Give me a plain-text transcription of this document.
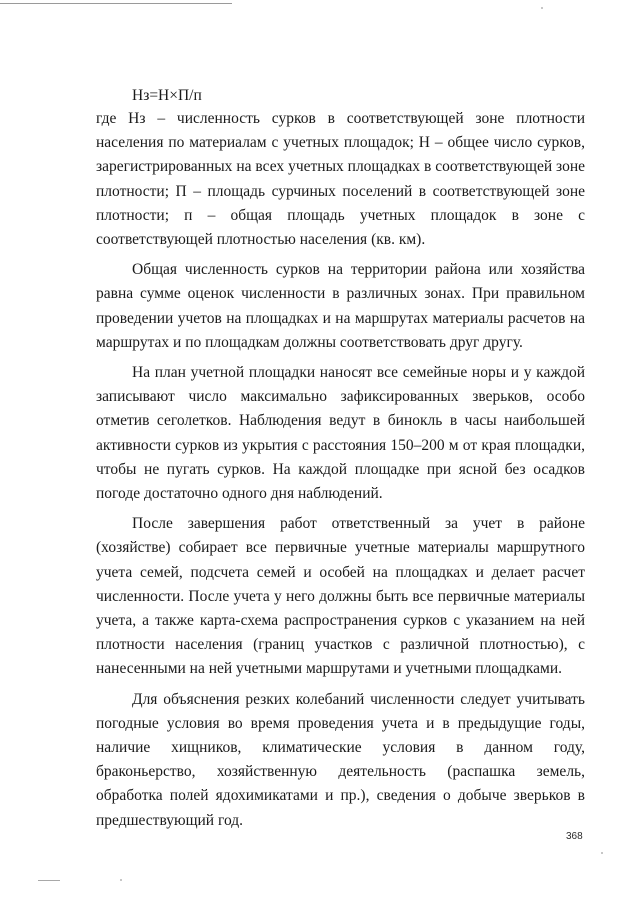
Нз=Н×П/п

где Нз – численность сурков в соответствующей зоне плотности населения по материалам с учетных площадок; Н – общее число сурков, зарегистрированных на всех учетных площадках в соответствующей зоне плотности; П – площадь сурчиных поселений в соответствующей зоне плотности; п – общая площадь учетных площадок в зоне с соответствующей плотностью населения (кв. км).

Общая численность сурков на территории района или хозяйства равна сумме оценок численности в различных зонах. При правильном проведении учетов на площадках и на маршрутах материалы расчетов на маршрутах и по площадкам должны соответствовать друг другу.

На план учетной площадки наносят все семейные норы и у каждой записывают число максимально зафиксированных зверьков, особо отметив сеголетков. Наблюдения ведут в бинокль в часы наибольшей активности сурков из укрытия с расстояния 150–200 м от края площадки, чтобы не пугать сурков. На каждой площадке при ясной без осадков погоде достаточно одного дня наблюдений.

После завершения работ ответственный за учет в районе (хозяйстве) собирает все первичные учетные материалы маршрутного учета семей, подсчета семей и особей на площадках и делает расчет численности. После учета у него должны быть все первичные материалы учета, а также карта-схема распространения сурков с указанием на ней плотности населения (границ участков с различной плотностью), с нанесенными на ней учетными маршрутами и учетными площадками.

Для объяснения резких колебаний численности следует учитывать погодные условия во время проведения учета и в предыдущие годы, наличие хищников, климатические условия в данном году, браконьерство, хозяйственную деятельность (распашка земель, обработка полей ядохимикатами и пр.), сведения о добыче зверьков в предшествующий год.

368
